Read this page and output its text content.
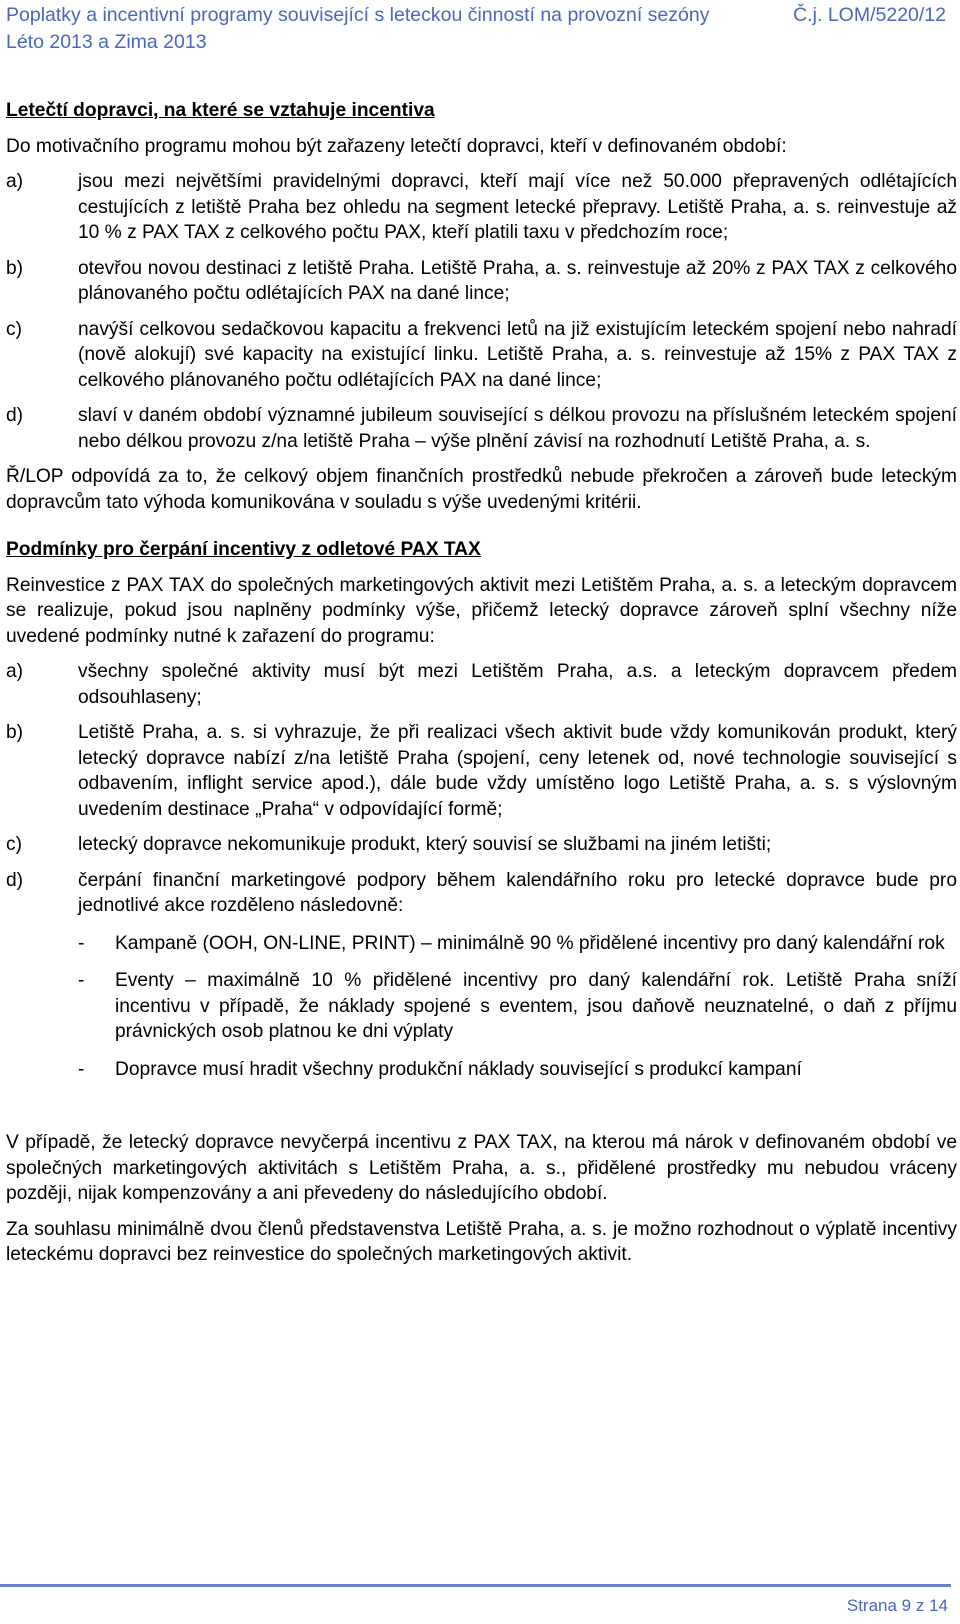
Poplatky a incentivní programy související s leteckou činností na provozní sezóny Léto 2013 a Zima 2013
Č.j. LOM/5220/12
Letečtí dopravci, na které se vztahuje incentiva

Do motivačního programu mohou být zařazeny letečtí dopravci, kteří v definovaném období:

a)	jsou mezi největšími pravidelnými dopravci, kteří mají více než 50.000 přepravených odlétajících cestujících z letiště Praha bez ohledu na segment letecké přepravy. Letiště Praha, a. s. reinvestuje až 10 % z PAX TAX z celkového počtu PAX, kteří platili taxu v předchozím roce;
b)	otevřou novou destinaci z letiště Praha. Letiště Praha, a. s. reinvestuje až 20% z PAX TAX z celkového plánovaného počtu odlétajících PAX na dané lince;
c)	navýší celkovou sedačkovou kapacitu a frekvenci letů na již existujícím leteckém spojení nebo nahradí (nově alokují) své kapacity na existující linku. Letiště Praha, a. s. reinvestuje až 15% z PAX TAX z celkového plánovaného počtu odlétajících PAX na dané lince;
d)	slaví v daném období významné jubileum související s délkou provozu na příslušném leteckém spojení nebo délkou provozu z/na letiště Praha – výše plnění závisí na rozhodnutí Letiště Praha, a. s.

Ř/LOP odpovídá za to, že celkový objem finančních prostředků nebude překročen a zároveň bude leteckým dopravcům tato výhoda komunikována v souladu s výše uvedenými kritérii.

Podmínky pro čerpání incentivy z odletové PAX TAX

Reinvestice z PAX TAX do společných marketingových aktivit mezi Letištěm Praha, a. s. a leteckým dopravcem se realizuje, pokud jsou naplněny podmínky výše, přičemž letecký dopravce zároveň splní všechny níže uvedené podmínky nutné k zařazení do programu:

a)	všechny společné aktivity musí být mezi Letištěm Praha, a.s. a leteckým dopravcem předem odsouhlaseny;
b)	Letiště Praha, a. s. si vyhrazuje, že při realizaci všech aktivit bude vždy komunikován produkt, který letecký dopravce nabízí z/na letiště Praha (spojení, ceny letenek od, nové technologie související s odbavením, inflight service apod.), dále bude vždy umístěno logo Letiště Praha, a. s. s výslovným uvedením destinace „Praha“ v odpovídající formě;
c)	letecký dopravce nekomunikuje produkt, který souvisí se službami na jiném letišti;
d)	čerpání finanční marketingové podpory během kalendářního roku pro letecké dopravce bude pro jednotlivé akce rozděleno následovně:
-	Kampaně (OOH, ON-LINE, PRINT) – minimálně 90 % přidělené incentivy pro daný kalendářní rok
-	Eventy – maximálně 10 % přidělené incentivy pro daný kalendářní rok. Letiště Praha sníží incentivu v případě, že náklady spojené s eventem, jsou daňově neuznatelné, o daň z příjmu právnických osob platnou ke dni výplaty
-	Dopravce musí hradit všechny produkční náklady související s produkcí kampaní

V případě, že letecký dopravce nevyčerpá incentivu z PAX TAX, na kterou má nárok v definovaném období ve společných marketingových aktivitách s Letištěm Praha, a. s., přidělené prostředky mu nebudou vráceny později, nijak kompenzovány a ani převedeny do následujícího období.

Za souhlasu minimálně dvou členů představenstva Letiště Praha, a. s. je možno rozhodnout o výplatě incentivy leteckému dopravci bez reinvestice do společných marketingových aktivit.

Strana 9 z 14
